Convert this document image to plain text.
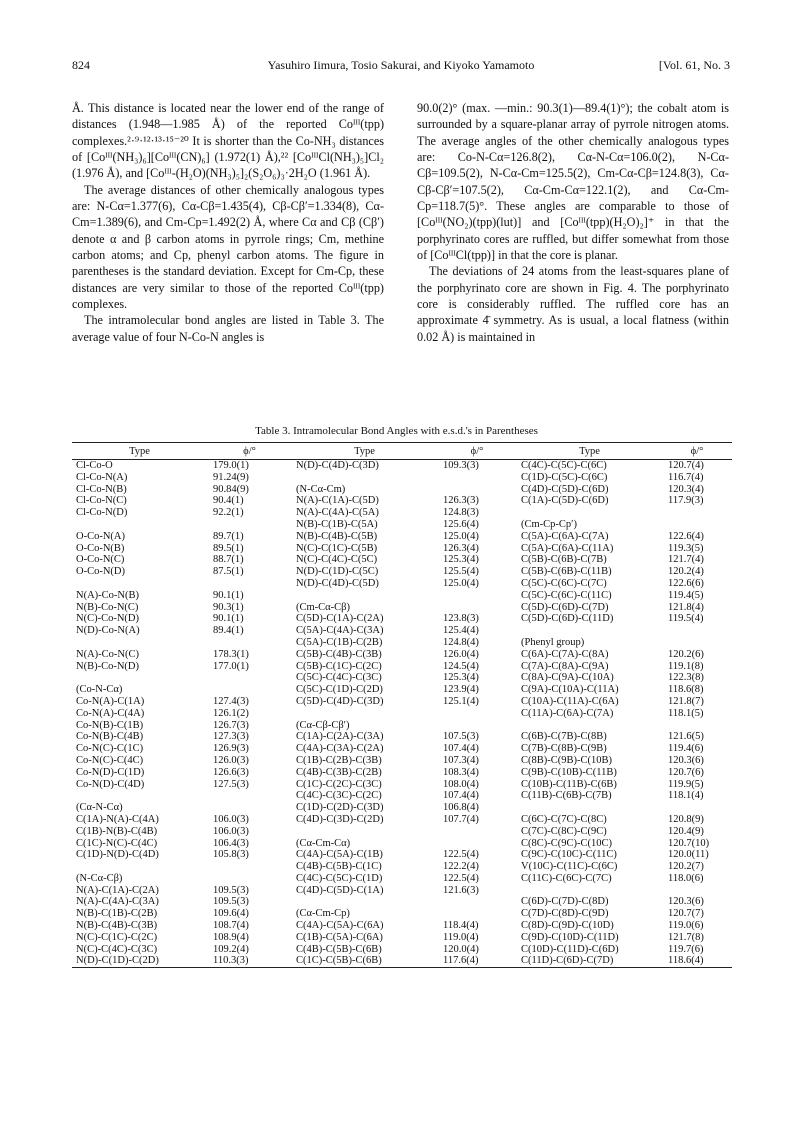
824	Yasuhiro Iimura, Tosio Sakurai, and Kiyoko Yamamoto	[Vol. 61, No. 3

Å. This distance is located near the lower end of the range of distances (1.948—1.985 Å) of the reported Coᴵᴵᴵ(tpp) complexes.²·⁹·¹²·¹³·¹⁵⁻²⁰ It is shorter than the Co-NH₃ distances of [Coᴵᴵᴵ(NH₃)₆][Coᴵᴵᴵ(CN)₆] (1.972(1) Å),²² [CoᴵᴵᴵCl(NH₃)₅]Cl₂ (1.976 Å), and [Coᴵᴵᴵ-(H₂O)(NH₃)₅]₂(S₂O₆)₃·2H₂O (1.961 Å).

The average distances of other chemically analogous types are: N-Cα=1.377(6), Cα-Cβ=1.435(4), Cβ-Cβ′=1.334(8), Cα-Cm=1.389(6), and Cm-Cp=1.492(2) Å, where Cα and Cβ (Cβ′) denote α and β carbon atoms in pyrrole rings; Cm, methine carbon atoms; and Cp, phenyl carbon atoms. The figure in parentheses is the standard deviation. Except for Cm-Cp, these distances are very similar to those of the reported Coᴵᴵᴵ(tpp) complexes.

The intramolecular bond angles are listed in Table 3. The average value of four N-Co-N angles is

90.0(2)° (max. —min.: 90.3(1)—89.4(1)°); the cobalt atom is surrounded by a square-planar array of pyrrole nitrogen atoms. The average angles of the other chemically analogous types are: Co-N-Cα=126.8(2), Cα-N-Cα=106.0(2), N-Cα-Cβ=109.5(2), N-Cα-Cm=125.5(2), Cm-Cα-Cβ=124.8(3), Cα-Cβ-Cβ′=107.5(2), Cα-Cm-Cα=122.1(2), and Cα-Cm-Cp=118.7(5)°. These angles are comparable to those of [Coᴵᴵᴵ(NO₂)(tpp)(lut)] and [Coᴵᴵᴵ(tpp)(H₂O)₂]⁺ in that the porphyrinato cores are ruffled, but differ somewhat from those of [CoᴵᴵᴵCl(tpp)] in that the core is planar.

The deviations of 24 atoms from the least-squares plane of the porphyrinato core are shown in Fig. 4. The porphyrinato core is considerably ruffled. The ruffled core has an approximate 4̄ symmetry. As is usual, a local flatness (within 0.02 Å) is maintained in

Table 3. Intramolecular Bond Angles with e.s.d.'s in Parentheses
Type	ϕ/°	Type	ϕ/°	Type	ϕ/°
Cl-Co-O	179.0(1)	N(D)-C(4D)-C(3D)	109.3(3)	C(4C)-C(5C)-C(6C)	120.7(4)
Cl-Co-N(A)	91.24(9)			C(1D)-C(5C)-C(6C)	116.7(4)
Cl-Co-N(B)	90.84(9)	(N-Cα-Cm)		C(4D)-C(5D)-C(6D)	120.3(4)
Cl-Co-N(C)	90.4(1)	N(A)-C(1A)-C(5D)	126.3(3)	C(1A)-C(5D)-C(6D)	117.9(3)
Cl-Co-N(D)	92.2(1)	N(A)-C(4A)-C(5A)	124.8(3)		
		N(B)-C(1B)-C(5A)	125.6(4)	(Cm-Cp-Cp′)	
O-Co-N(A)	89.7(1)	N(B)-C(4B)-C(5B)	125.0(4)	C(5A)-C(6A)-C(7A)	122.6(4)
O-Co-N(B)	89.5(1)	N(C)-C(1C)-C(5B)	126.3(4)	C(5A)-C(6A)-C(11A)	119.3(5)
O-Co-N(C)	88.7(1)	N(C)-C(4C)-C(5C)	125.3(4)	C(5B)-C(6B)-C(7B)	121.7(4)
O-Co-N(D)	87.5(1)	N(D)-C(1D)-C(5C)	125.5(4)	C(5B)-C(6B)-C(11B)	120.2(4)
		N(D)-C(4D)-C(5D)	125.0(4)	C(5C)-C(6C)-C(7C)	122.6(6)
N(A)-Co-N(B)	90.1(1)			C(5C)-C(6C)-C(11C)	119.4(5)
N(B)-Co-N(C)	90.3(1)	(Cm-Cα-Cβ)		C(5D)-C(6D)-C(7D)	121.8(4)
N(C)-Co-N(D)	90.1(1)	C(5D)-C(1A)-C(2A)	123.8(3)	C(5D)-C(6D)-C(11D)	119.5(4)
N(D)-Co-N(A)	89.4(1)	C(5A)-C(4A)-C(3A)	125.4(4)		
		C(5A)-C(1B)-C(2B)	124.8(4)	(Phenyl group)	
N(A)-Co-N(C)	178.3(1)	C(5B)-C(4B)-C(3B)	126.0(4)	C(6A)-C(7A)-C(8A)	120.2(6)
N(B)-Co-N(D)	177.0(1)	C(5B)-C(1C)-C(2C)	124.5(4)	C(7A)-C(8A)-C(9A)	119.1(8)
		C(5C)-C(4C)-C(3C)	125.3(4)	C(8A)-C(9A)-C(10A)	122.3(8)
(Co-N-Cα)		C(5C)-C(1D)-C(2D)	123.9(4)	C(9A)-C(10A)-C(11A)	118.6(8)
Co-N(A)-C(1A)	127.4(3)	C(5D)-C(4D)-C(3D)	125.1(4)	C(10A)-C(11A)-C(6A)	121.8(7)
Co-N(A)-C(4A)	126.1(2)			C(11A)-C(6A)-C(7A)	118.1(5)
Co-N(B)-C(1B)	126.7(3)	(Cα-Cβ-Cβ′)			
Co-N(B)-C(4B)	127.3(3)	C(1A)-C(2A)-C(3A)	107.5(3)	C(6B)-C(7B)-C(8B)	121.6(5)
Co-N(C)-C(1C)	126.9(3)	C(4A)-C(3A)-C(2A)	107.4(4)	C(7B)-C(8B)-C(9B)	119.4(6)
Co-N(C)-C(4C)	126.0(3)	C(1B)-C(2B)-C(3B)	107.3(4)	C(8B)-C(9B)-C(10B)	120.3(6)
Co-N(D)-C(1D)	126.6(3)	C(4B)-C(3B)-C(2B)	108.3(4)	C(9B)-C(10B)-C(11B)	120.7(6)
Co-N(D)-C(4D)	127.5(3)	C(1C)-C(2C)-C(3C)	108.0(4)	C(10B)-C(11B)-C(6B)	119.9(5)
		C(4C)-C(3C)-C(2C)	107.4(4)	C(11B)-C(6B)-C(7B)	118.1(4)
(Cα-N-Cα)		C(1D)-C(2D)-C(3D)	106.8(4)		
C(1A)-N(A)-C(4A)	106.0(3)	C(4D)-C(3D)-C(2D)	107.7(4)	C(6C)-C(7C)-C(8C)	120.8(9)
C(1B)-N(B)-C(4B)	106.0(3)			C(7C)-C(8C)-C(9C)	120.4(9)
C(1C)-N(C)-C(4C)	106.4(3)	(Cα-Cm-Cα)		C(8C)-C(9C)-C(10C)	120.7(10)
C(1D)-N(D)-C(4D)	105.8(3)	C(4A)-C(5A)-C(1B)	122.5(4)	C(9C)-C(10C)-C(11C)	120.0(11)
		C(4B)-C(5B)-C(1C)	122.2(4)	V(10C)-C(11C)-C(6C)	120.2(7)
(N-Cα-Cβ)		C(4C)-C(5C)-C(1D)	122.5(4)	C(11C)-C(6C)-C(7C)	118.0(6)
N(A)-C(1A)-C(2A)	109.5(3)	C(4D)-C(5D)-C(1A)	121.6(3)		
N(A)-C(4A)-C(3A)	109.5(3)			C(6D)-C(7D)-C(8D)	120.3(6)
N(B)-C(1B)-C(2B)	109.6(4)	(Cα-Cm-Cp)		C(7D)-C(8D)-C(9D)	120.7(7)
N(B)-C(4B)-C(3B)	108.7(4)	C(4A)-C(5A)-C(6A)	118.4(4)	C(8D)-C(9D)-C(10D)	119.0(6)
N(C)-C(1C)-C(2C)	108.9(4)	C(1B)-C(5A)-C(6A)	119.0(4)	C(9D)-C(10D)-C(11D)	121.7(8)
N(C)-C(4C)-C(3C)	109.2(4)	C(4B)-C(5B)-C(6B)	120.0(4)	C(10D)-C(11D)-C(6D)	119.7(6)
N(D)-C(1D)-C(2D)	110.3(3)	C(1C)-C(5B)-C(6B)	117.6(4)	C(11D)-C(6D)-C(7D)	118.6(4)
